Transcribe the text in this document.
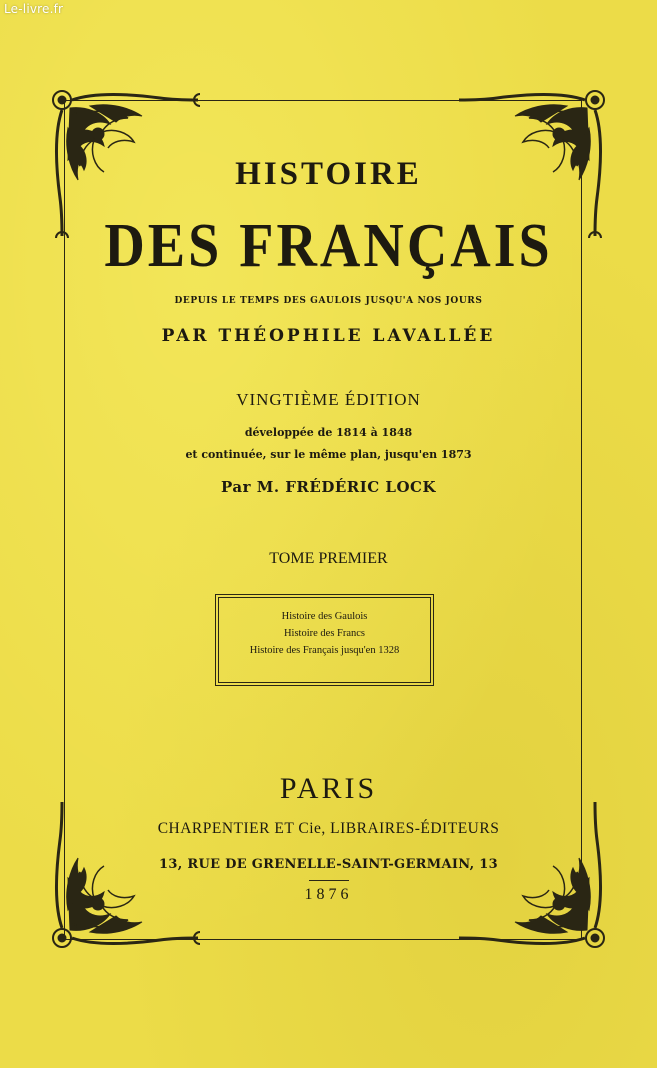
Le-livre.fr
HISTOIRE
DES FRANÇAIS
DEPUIS LE TEMPS DES GAULOIS JUSQU'A NOS JOURS
PAR THÉOPHILE LAVALLÉE
VINGTIÈME ÉDITION
développée de 1814 à 1848
et continuée, sur le même plan, jusqu'en 1873
Par M. FRÉDÉRIC LOCK
TOME PREMIER
Histoire des Gaulois
Histoire des Francs
Histoire des Français jusqu'en 1328
PARIS
CHARPENTIER ET Cie, LIBRAIRES-ÉDITEURS
13, RUE DE GRENELLE-SAINT-GERMAIN, 13
1876
